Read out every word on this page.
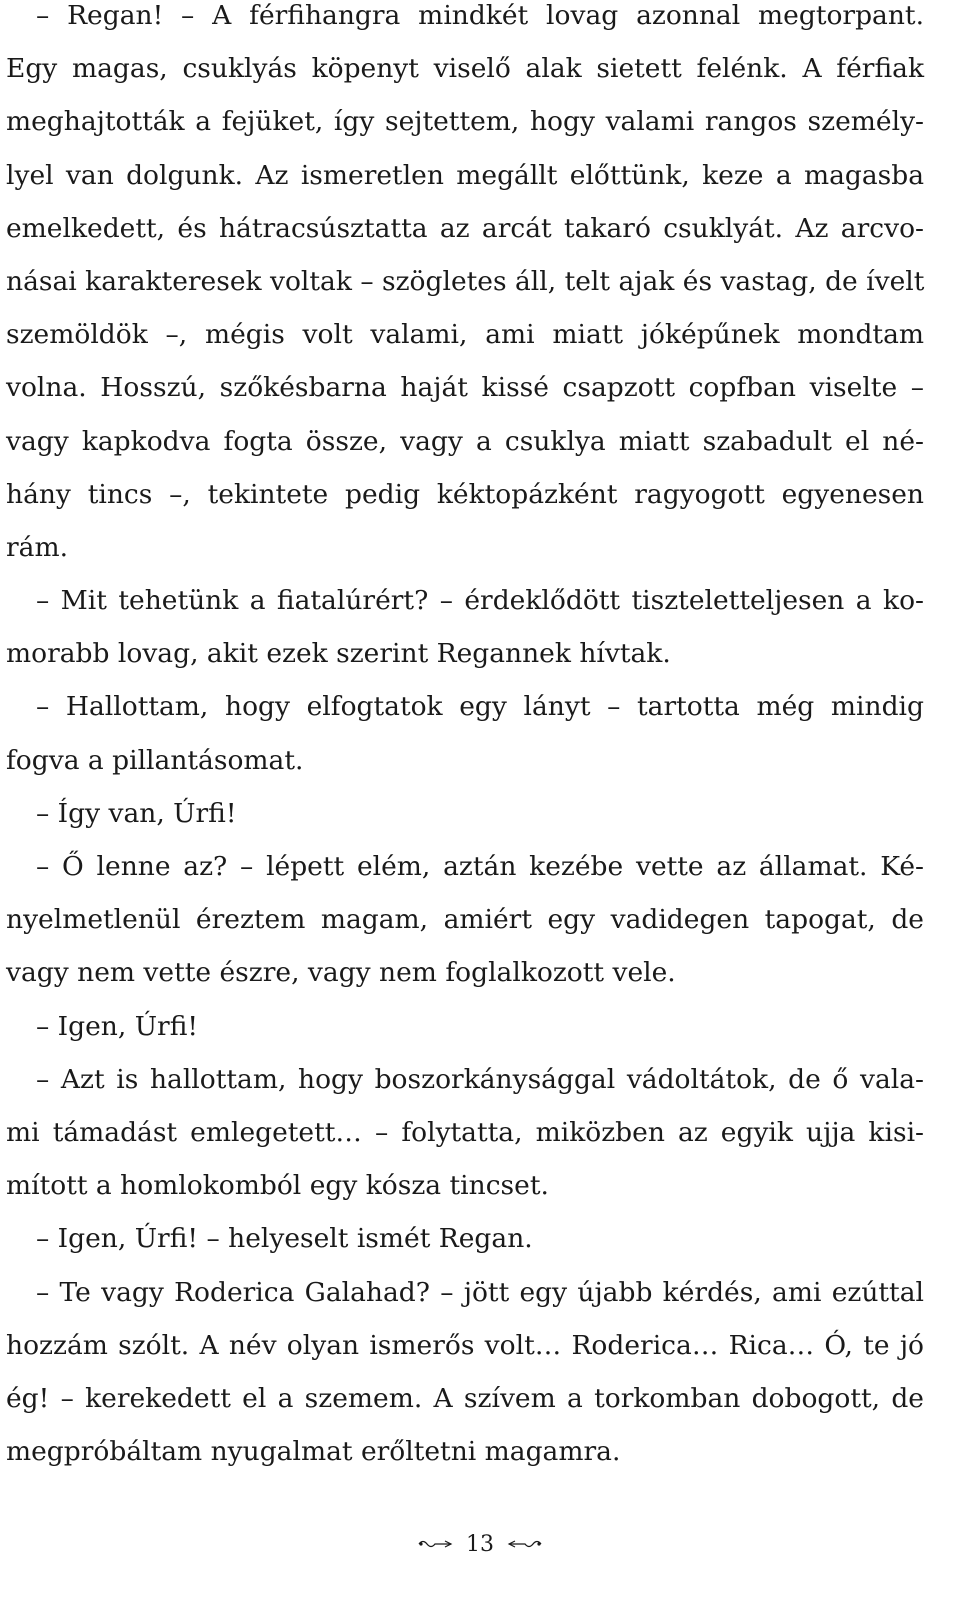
– Regan! – A férfihangra mindkét lovag azonnal megtorpant.
Egy magas, csuklyás köpenyt viselő alak sietett felénk. A férfiak
meghajtották a fejüket, így sejtettem, hogy valami rangos személy-
lyel van dolgunk. Az ismeretlen megállt előttünk, keze a magasba
emelkedett, és hátracsúsztatta az arcát takaró csuklyát. Az arcvo-
násai karakteresek voltak – szögletes áll, telt ajak és vastag, de ívelt
szemöldök –, mégis volt valami, ami miatt jóképűnek mondtam
volna. Hosszú, szőkésbarna haját kissé csapzott copfban viselte –
vagy kapkodva fogta össze, vagy a csuklya miatt szabadult el né-
hány tincs –, tekintete pedig kéktopázként ragyogott egyenesen
rám.
– Mit tehetünk a fiatalúrért? – érdeklődött tiszteletteljesen a ko-
morabb lovag, akit ezek szerint Regannek hívtak.
– Hallottam, hogy elfogtatok egy lányt – tartotta még mindig
fogva a pillantásomat.
– Így van, Úrfi!
– Ő lenne az? – lépett elém, aztán kezébe vette az államat. Ké-
nyelmetlenül éreztem magam, amiért egy vadidegen tapogat, de
vagy nem vette észre, vagy nem foglalkozott vele.
– Igen, Úrfi!
– Azt is hallottam, hogy boszorkánysággal vádoltátok, de ő vala-
mi támadást emlegetett… – folytatta, miközben az egyik ujja kisi-
mított a homlokomból egy kósza tincset.
– Igen, Úrfi! – helyeselt ismét Regan.
– Te vagy Roderica Galahad? – jött egy újabb kérdés, ami ezúttal
hozzám szólt. A név olyan ismerős volt… Roderica… Rica… Ó, te jó
ég! – kerekedett el a szemem. A szívem a torkomban dobogott, de
megpróbáltam nyugalmat erőltetni magamra.
13
